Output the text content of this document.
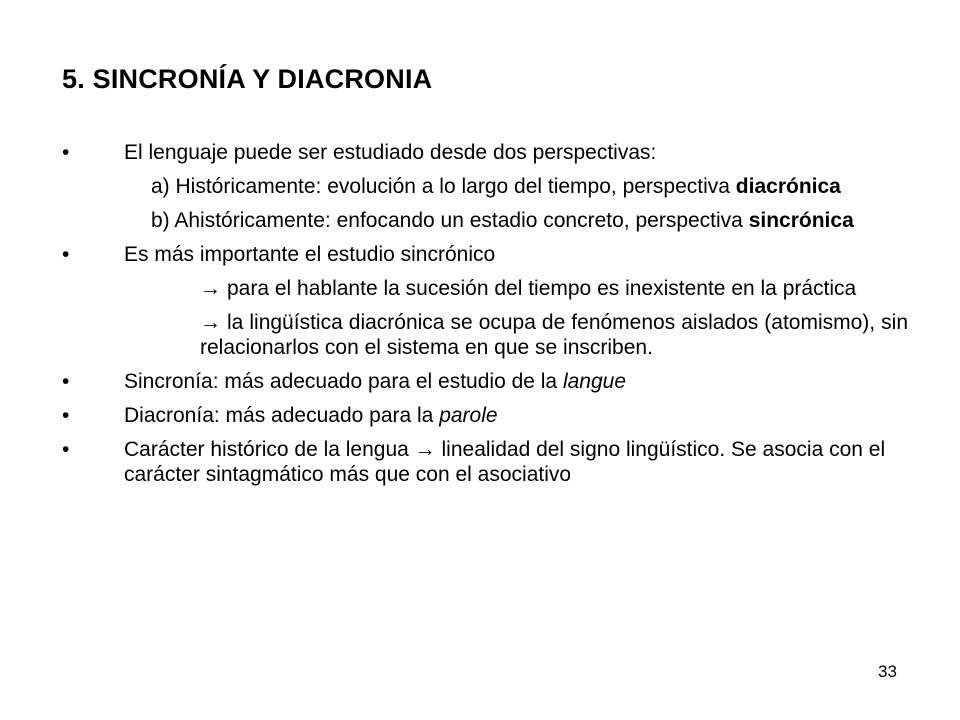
5. SINCRONÍA Y DIACRONIA
•	El lenguaje puede ser estudiado desde dos perspectivas:
a) Históricamente: evolución a lo largo del tiempo, perspectiva diacrónica
b) Ahistóricamente: enfocando un estadio concreto, perspectiva sincrónica
•	Es más importante el estudio sincrónico
→ para el hablante la sucesión del tiempo es inexistente en la práctica
→ la lingüística diacrónica se ocupa de fenómenos aislados (atomismo), sin relacionarlos con el sistema en que se inscriben.
•	Sincronía: más adecuado para el estudio de la langue
•	Diacronía: más adecuado para la parole
•	Carácter histórico de la lengua → linealidad del signo lingüístico. Se asocia con el carácter sintagmático más que con el asociativo
33
